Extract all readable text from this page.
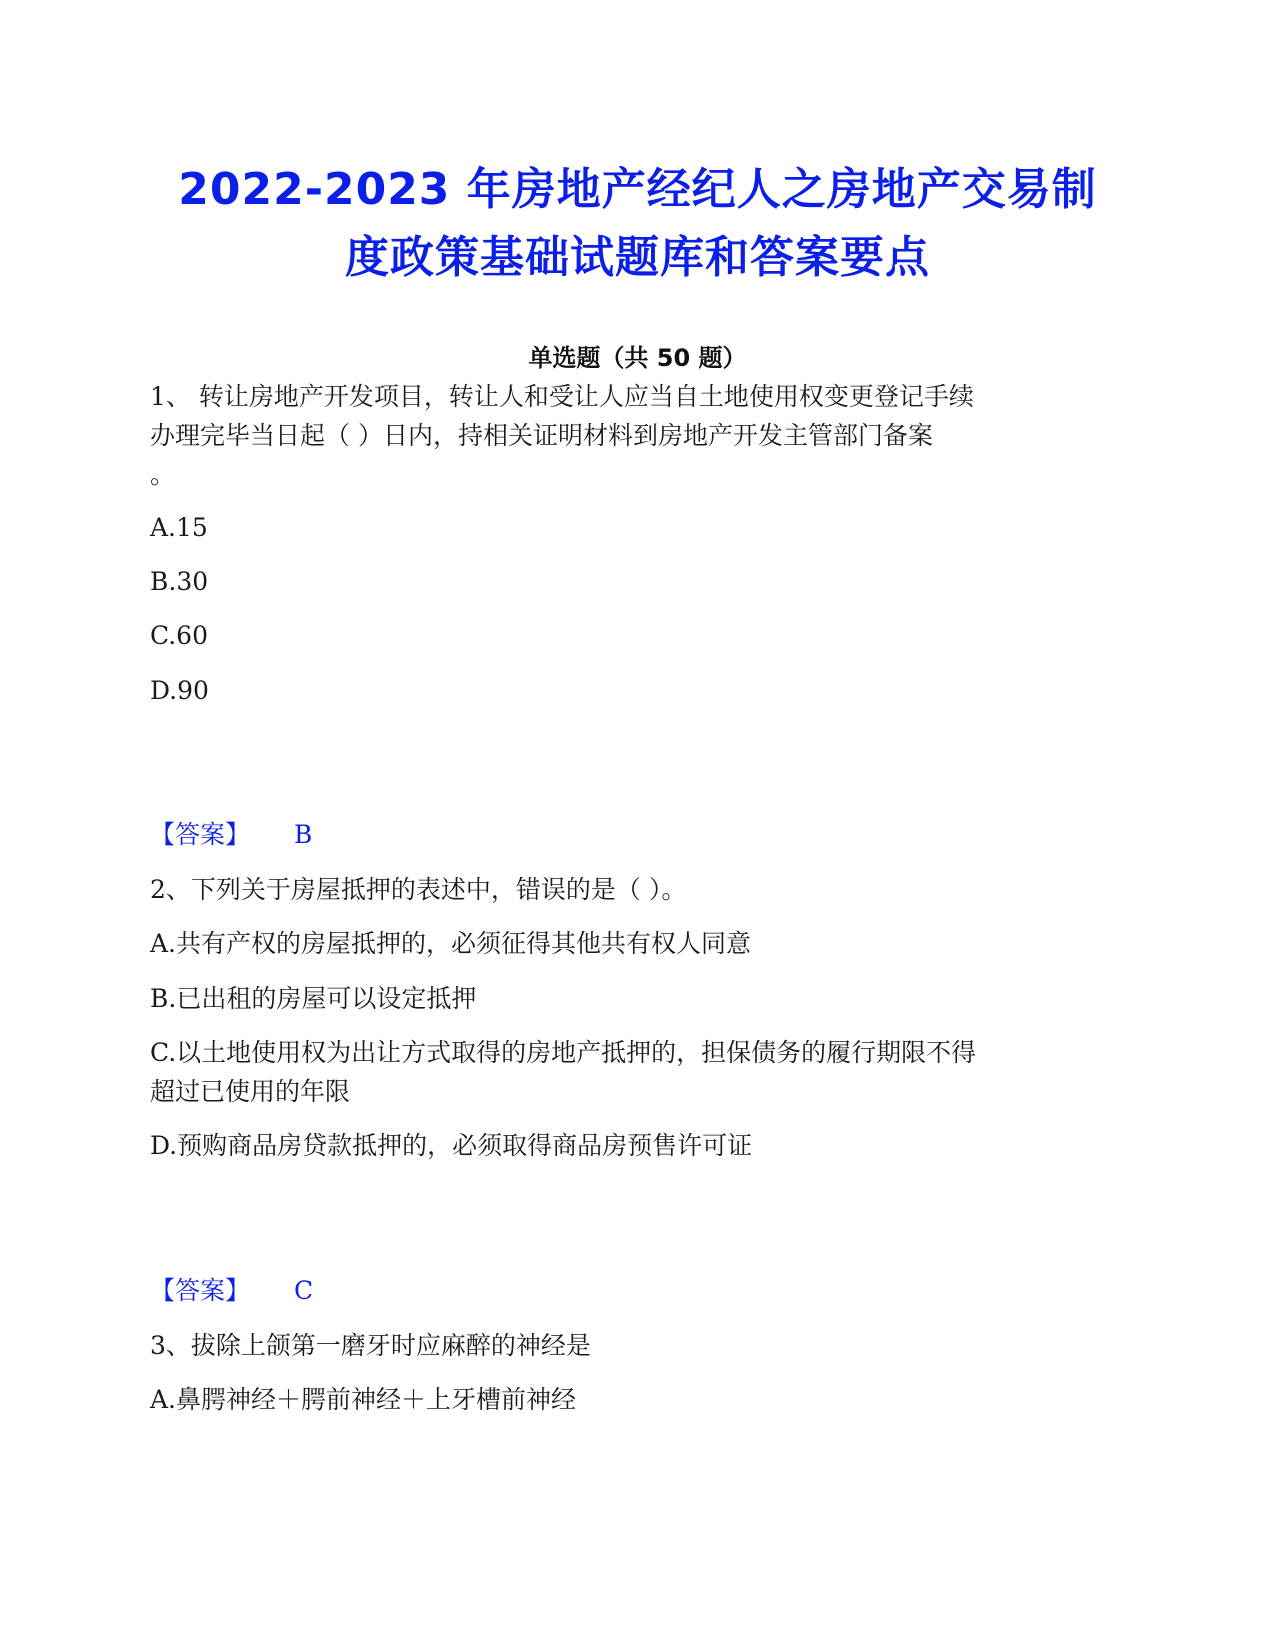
2022-2023 年房地产经纪人之房地产交易制
度政策基础试题库和答案要点
单选题（共 50 题）
1、 转让房地产开发项目，转让人和受让人应当自土地使用权变更登记手续
办理完毕当日起（ ）日内，持相关证明材料到房地产开发主管部门备案
。
A.15
B.30
C.60
D.90
【答案】 B
2、下列关于房屋抵押的表述中，错误的是（ ）。
A.共有产权的房屋抵押的，必须征得其他共有权人同意
B.已出租的房屋可以设定抵押
C.以土地使用权为出让方式取得的房地产抵押的，担保债务的履行期限不得
超过已使用的年限
D.预购商品房贷款抵押的，必须取得商品房预售许可证
【答案】 C
3、拔除上颌第一磨牙时应麻醉的神经是
A.鼻腭神经＋腭前神经＋上牙槽前神经
